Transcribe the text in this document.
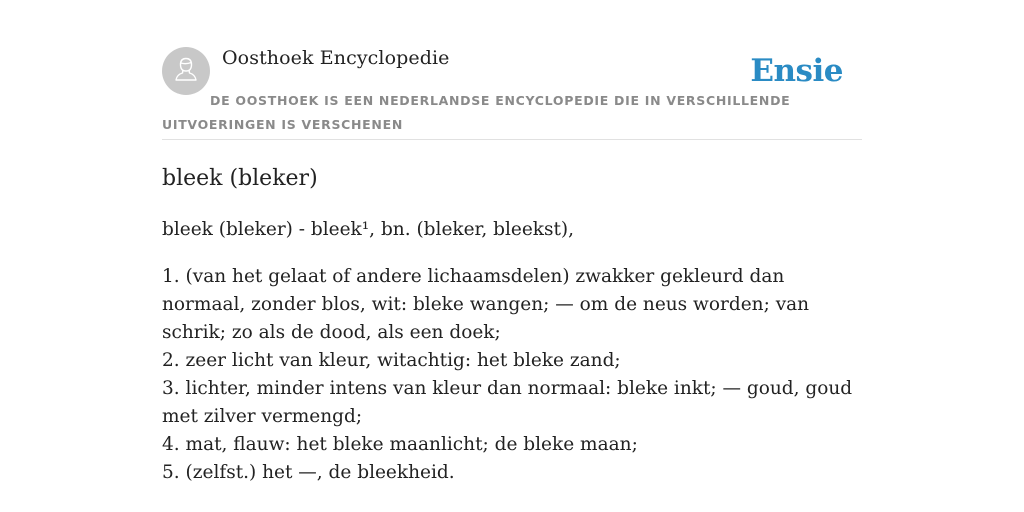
Oosthoek Encyclopedie	Ensie
DE OOSTHOEK IS EEN NEDERLANDSE ENCYCLOPEDIE DIE IN VERSCHILLENDE UITVOERINGEN IS VERSCHENEN
bleek (bleker)
bleek (bleker) - bleek¹, bn. (bleker, bleekst),
1. (van het gelaat of andere lichaamsdelen) zwakker gekleurd dan normaal, zonder blos, wit: bleke wangen; — om de neus worden; van schrik; zo als de dood, als een doek;
2. zeer licht van kleur, witachtig: het bleke zand;
3. lichter, minder intens van kleur dan normaal: bleke inkt; — goud, goud met zilver vermengd;
4. mat, flauw: het bleke maanlicht; de bleke maan;
5. (zelfst.) het —, de bleekheid.
